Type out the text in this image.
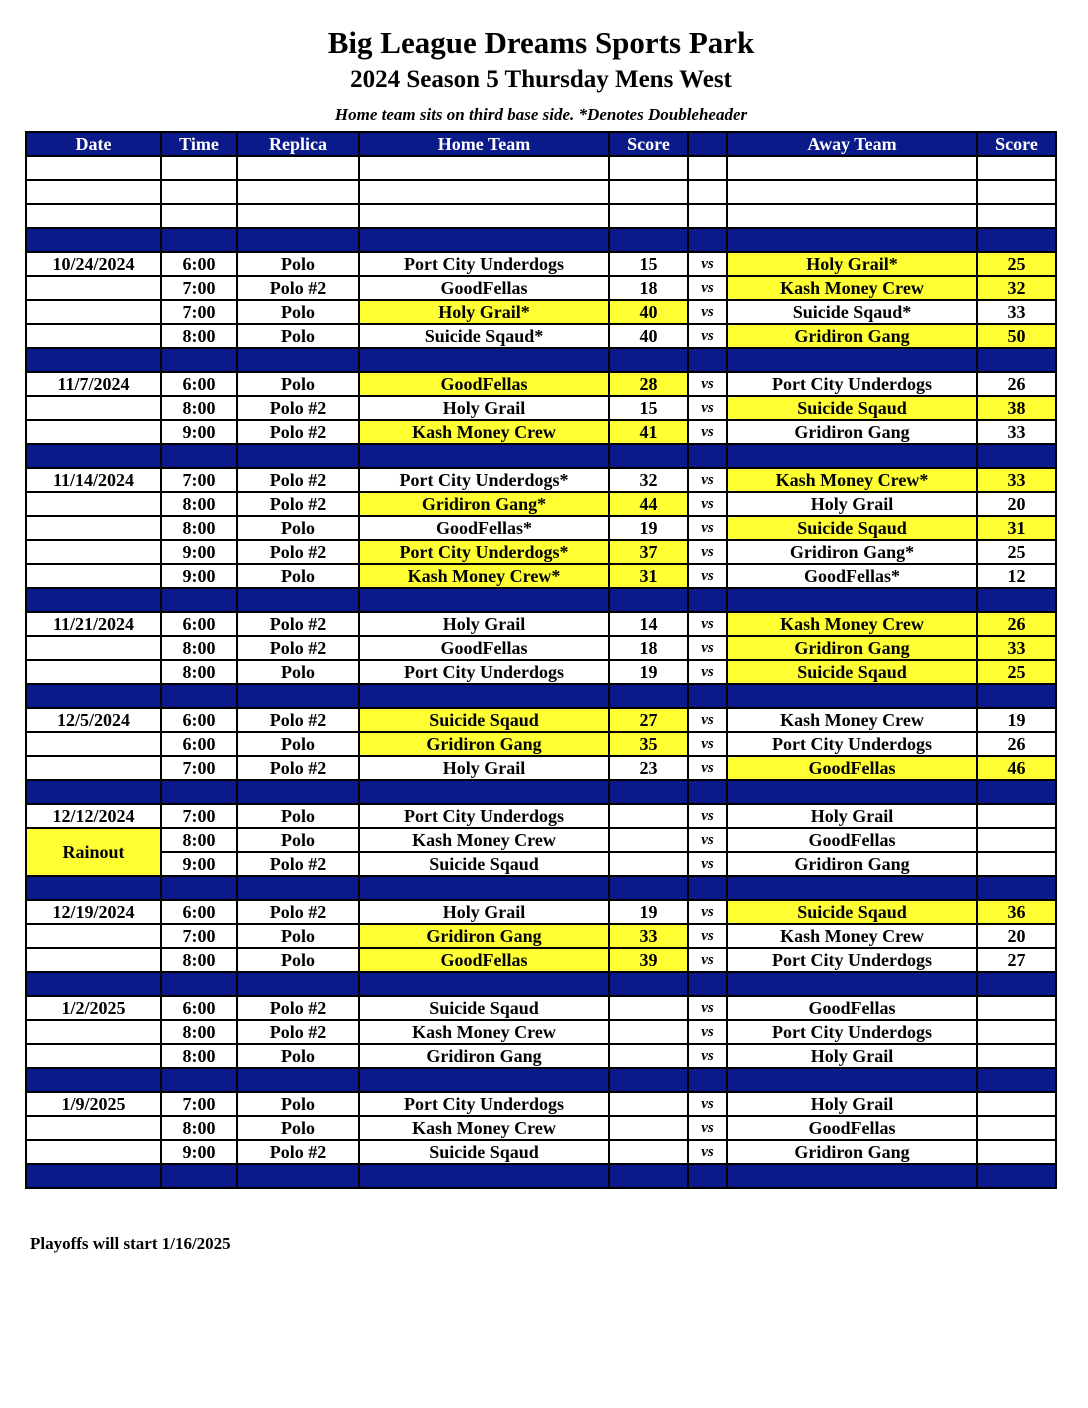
Big League Dreams Sports Park
2024 Season 5 Thursday Mens West
Home team sits on third base side. *Denotes Doubleheader
Date	Time	Replica	Home Team	Score		Away Team	Score

10/24/2024	6:00	Polo	Port City Underdogs	15	vs	Holy Grail*	25
	7:00	Polo #2	GoodFellas	18	vs	Kash Money Crew	32
	7:00	Polo	Holy Grail*	40	vs	Suicide Sqaud*	33
	8:00	Polo	Suicide Sqaud*	40	vs	Gridiron Gang	50

11/7/2024	6:00	Polo	GoodFellas	28	vs	Port City Underdogs	26
	8:00	Polo #2	Holy Grail	15	vs	Suicide Sqaud	38
	9:00	Polo #2	Kash Money Crew	41	vs	Gridiron Gang	33

11/14/2024	7:00	Polo #2	Port City Underdogs*	32	vs	Kash Money Crew*	33
	8:00	Polo #2	Gridiron Gang*	44	vs	Holy Grail	20
	8:00	Polo	GoodFellas*	19	vs	Suicide Sqaud	31
	9:00	Polo #2	Port City Underdogs*	37	vs	Gridiron Gang*	25
	9:00	Polo	Kash Money Crew*	31	vs	GoodFellas*	12

11/21/2024	6:00	Polo #2	Holy Grail	14	vs	Kash Money Crew	26
	8:00	Polo #2	GoodFellas	18	vs	Gridiron Gang	33
	8:00	Polo	Port City Underdogs	19	vs	Suicide Sqaud	25

12/5/2024	6:00	Polo #2	Suicide Sqaud	27	vs	Kash Money Crew	19
	6:00	Polo	Gridiron Gang	35	vs	Port City Underdogs	26
	7:00	Polo #2	Holy Grail	23	vs	GoodFellas	46

12/12/2024	7:00	Polo	Port City Underdogs		vs	Holy Grail	
Rainout	8:00	Polo	Kash Money Crew		vs	GoodFellas	
	9:00	Polo #2	Suicide Sqaud		vs	Gridiron Gang	

12/19/2024	6:00	Polo #2	Holy Grail	19	vs	Suicide Sqaud	36
	7:00	Polo	Gridiron Gang	33	vs	Kash Money Crew	20
	8:00	Polo	GoodFellas	39	vs	Port City Underdogs	27

1/2/2025	6:00	Polo #2	Suicide Sqaud		vs	GoodFellas	
	8:00	Polo #2	Kash Money Crew		vs	Port City Underdogs	
	8:00	Polo	Gridiron Gang		vs	Holy Grail	

1/9/2025	7:00	Polo	Port City Underdogs		vs	Holy Grail	
	8:00	Polo	Kash Money Crew		vs	GoodFellas	
	9:00	Polo #2	Suicide Sqaud		vs	Gridiron Gang	

Playoffs will start 1/16/2025
